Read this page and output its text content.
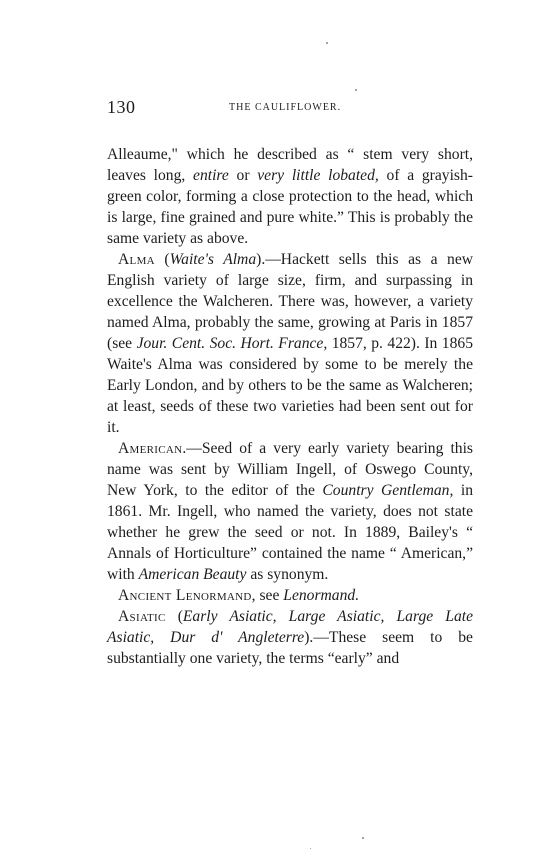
130	THE CAULIFLOWER.

Alleaume," which he described as “ stem very short, leaves long, entire or very little lobated, of a grayish-green color, forming a close protection to the head, which is large, fine grained and pure white.” This is probably the same variety as above.

Alma (Waite's Alma).—Hackett sells this as a new English variety of large size, firm, and surpassing in excellence the Walcheren. There was, however, a variety named Alma, probably the same, growing at Paris in 1857 (see Jour. Cent. Soc. Hort. France, 1857, p. 422). In 1865 Waite's Alma was considered by some to be merely the Early London, and by others to be the same as Walcheren; at least, seeds of these two varieties had been sent out for it.

American.—Seed of a very early variety bearing this name was sent by William Ingell, of Oswego County, New York, to the editor of the Country Gentleman, in 1861. Mr. Ingell, who named the variety, does not state whether he grew the seed or not. In 1889, Bailey's “ Annals of Horticulture” contained the name “ American,” with American Beauty as synonym.

Ancient Lenormand, see Lenormand.

Asiatic (Early Asiatic, Large Asiatic, Large Late Asiatic, Dur d' Angleterre).—These seem to be substantially one variety, the terms “early” and
